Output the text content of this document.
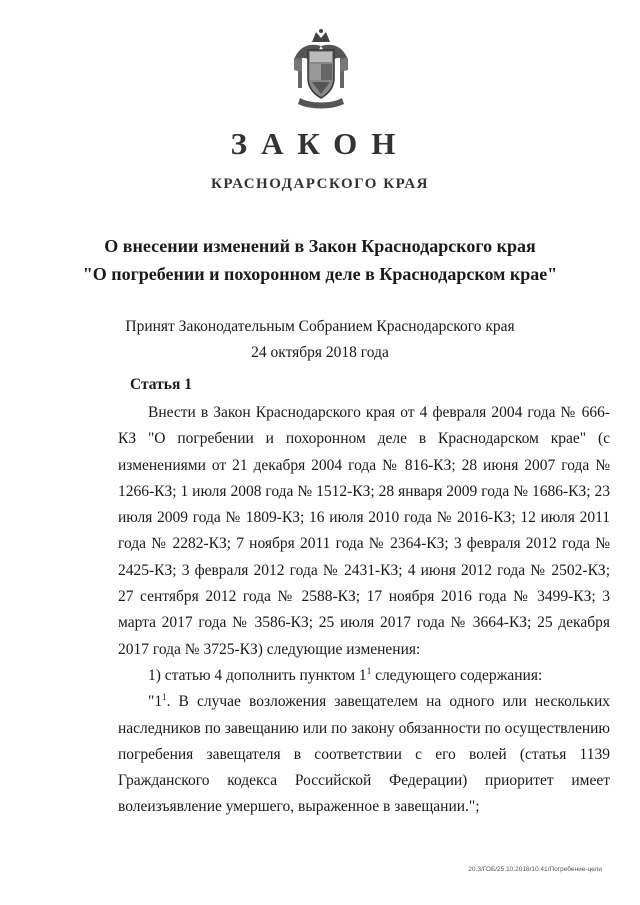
ЗАКОН
КРАСНОДАРСКОГО КРАЯ
О внесении изменений в Закон Краснодарского края
"О погребении и похоронном деле в Краснодарском крае"
Принят Законодательным Собранием Краснодарского края
24 октября 2018 года
Статья 1

Внести в Закон Краснодарского края от 4 февраля 2004 года № 666-КЗ "О погребении и похоронном деле в Краснодарском крае" (с изменениями от 21 декабря 2004 года № 816-КЗ; 28 июня 2007 года № 1266-КЗ; 1 июля 2008 года № 1512-КЗ; 28 января 2009 года № 1686-КЗ; 23 июля 2009 года № 1809-КЗ; 16 июля 2010 года № 2016-КЗ; 12 июля 2011 года № 2282-КЗ; 7 ноября 2011 года № 2364-КЗ; 3 февраля 2012 года № 2425-КЗ; 3 февраля 2012 года № 2431-КЗ; 4 июня 2012 года № 2502-КЗ; 27 сентября 2012 года № 2588-КЗ; 17 ноября 2016 года № 3499-КЗ; 3 марта 2017 года № 3586-КЗ; 25 июля 2017 года № 3664-КЗ; 25 декабря 2017 года № 3725-КЗ) следующие изменения:

1) статью 4 дополнить пунктом $1^1$ следующего содержания:

"$1^1$. В случае возложения завещателем на одного или нескольких наследников по завещанию или по закону обязанности по осуществлению погребения завещателя в соответствии с его волей (статья 1139 Гражданского кодекса Российской Федерации) приоритет имеет волеизъявление умершего, выраженное в завещании.";

20.3/ГОБ/25.10.2018/10:41/Погребение-цели
